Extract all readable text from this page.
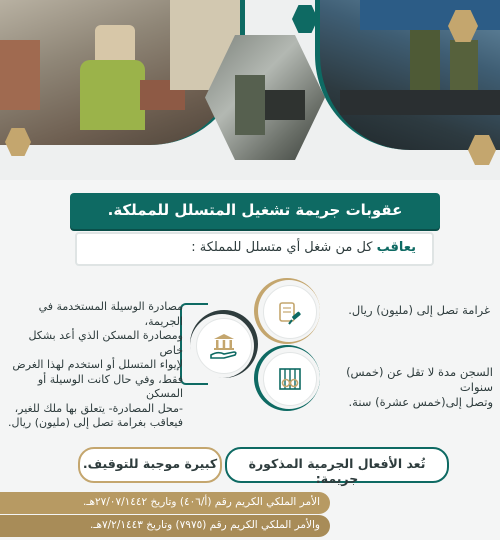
عقوبات جريمة تشغيل المتسلل للمملكة.
يعاقب كل من شغل أي متسلل للمملكة :
غرامة تصل إلى (مليون) ريال.
السجن مدة لا تقل عن (خمس) سنوات
وتصل إلى(خمس عشرة) سنة.
مصادرة الوسيلة المستخدمة في الجريمة،
ومصادرة المسكن الذي أعد بشكل خاص
لإيواء المتسلل أو استخدم لهذا الغرض
فقط، وفي حال كانت الوسيلة أو المسكن
-محل المصادرة- يتعلق بها ملك للغير،
فيعاقب بغرامة تصل إلى (مليون) ريال.
تُعد الأفعال الجرمية المذكورة جريمة:
كبيرة موجبة للتوقيف.
الأمر الملكي الكريم رقم (أ/٤٠٦) وتاريخ ٢٧/٠٧/١٤٤٢هـ.
والأمر الملكي الكريم رقم (٧٩٧٥) وتاريخ ٧/٢/١٤٤٣هـ.
